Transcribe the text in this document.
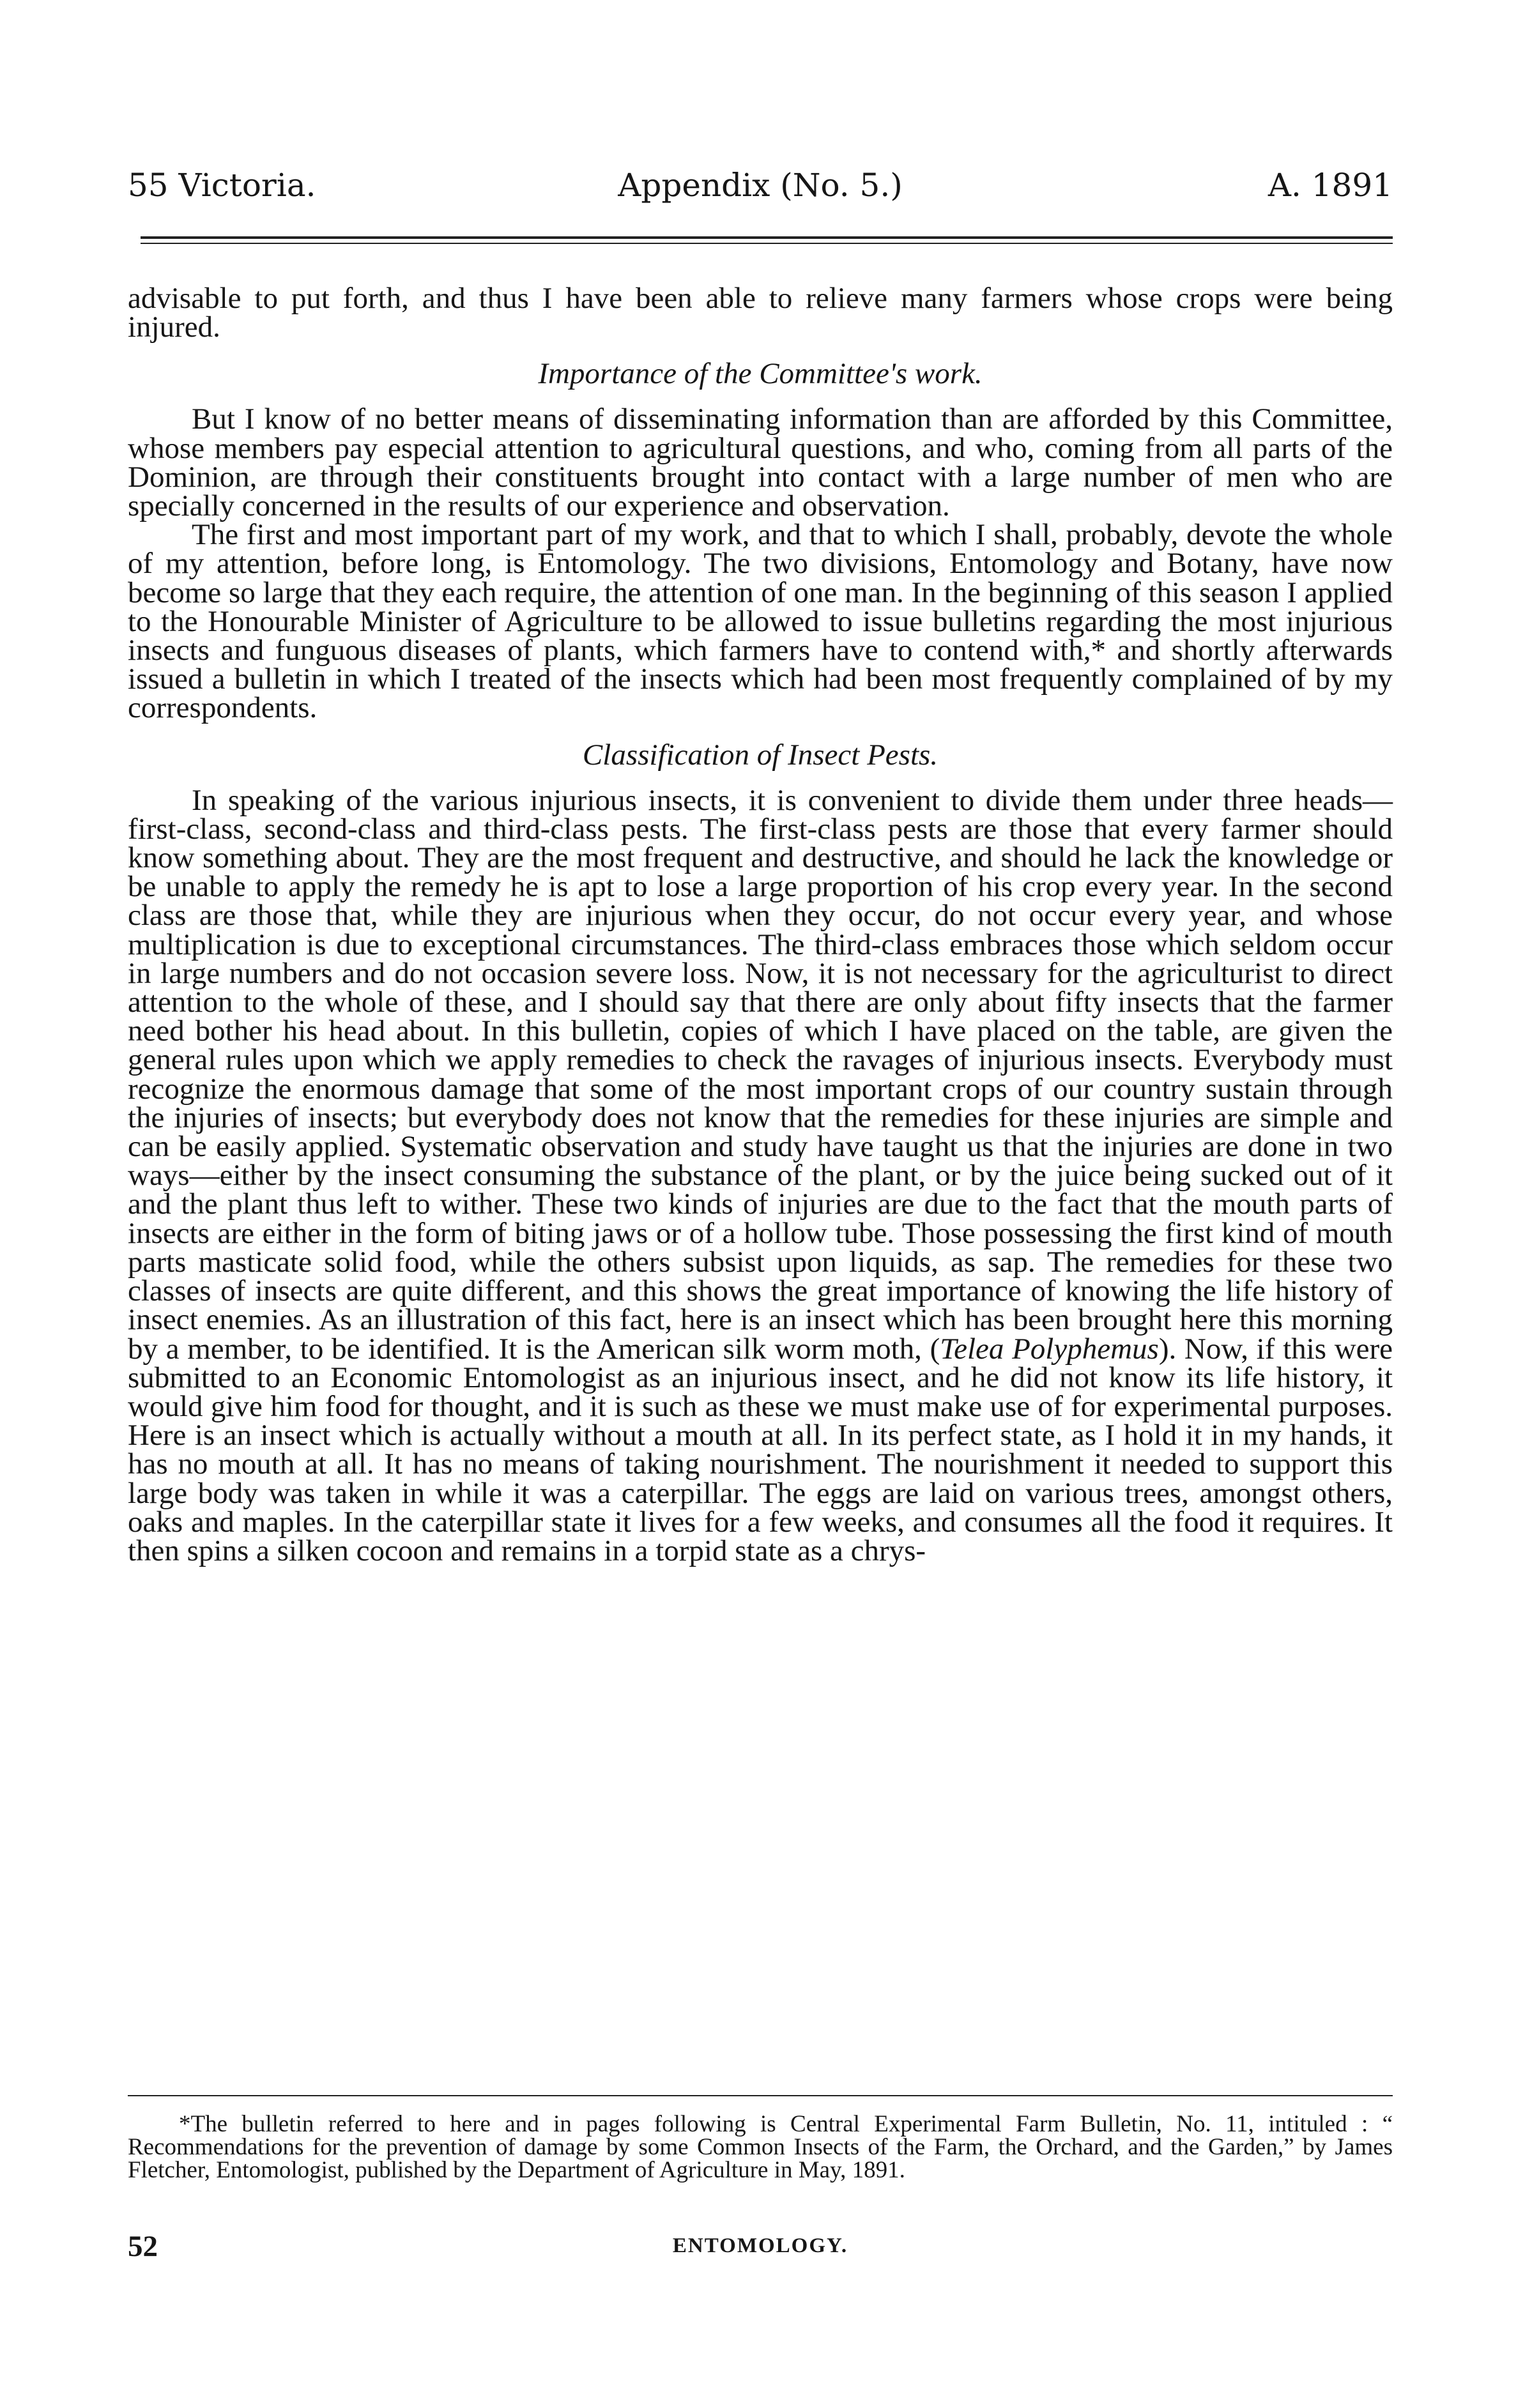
55 Victoria.	Appendix (No. 5.)	A. 1891

advisable to put forth, and thus I have been able to relieve many farmers whose crops were being injured.

Importance of the Committee's work.

But I know of no better means of disseminating information than are afforded by this Committee, whose members pay especial attention to agricultural questions, and who, coming from all parts of the Dominion, are through their constituents brought into contact with a large number of men who are specially concerned in the results of our experience and observation.

The first and most important part of my work, and that to which I shall, probably, devote the whole of my attention, before long, is Entomology. The two divisions, Entomology and Botany, have now become so large that they each require, the attention of one man. In the beginning of this season I applied to the Honourable Minister of Agriculture to be allowed to issue bulletins regarding the most injurious insects and funguous diseases of plants, which farmers have to contend with,* and shortly afterwards issued a bulletin in which I treated of the insects which had been most frequently complained of by my correspondents.

Classification of Insect Pests.

In speaking of the various injurious insects, it is convenient to divide them under three heads—first-class, second-class and third-class pests. The first-class pests are those that every farmer should know something about. They are the most frequent and destructive, and should he lack the knowledge or be unable to apply the remedy he is apt to lose a large proportion of his crop every year. In the second class are those that, while they are injurious when they occur, do not occur every year, and whose multiplication is due to exceptional circumstances. The third-class embraces those which seldom occur in large numbers and do not occasion severe loss. Now, it is not necessary for the agriculturist to direct attention to the whole of these, and I should say that there are only about fifty insects that the farmer need bother his head about. In this bulletin, copies of which I have placed on the table, are given the general rules upon which we apply remedies to check the ravages of injurious insects. Everybody must recognize the enormous damage that some of the most important crops of our country sustain through the injuries of insects; but everybody does not know that the remedies for these injuries are simple and can be easily applied. Systematic observation and study have taught us that the injuries are done in two ways—either by the insect consuming the substance of the plant, or by the juice being sucked out of it and the plant thus left to wither. These two kinds of injuries are due to the fact that the mouth parts of insects are either in the form of biting jaws or of a hollow tube. Those possessing the first kind of mouth parts masticate solid food, while the others subsist upon liquids, as sap. The remedies for these two classes of insects are quite different, and this shows the great importance of knowing the life history of insect enemies. As an illustration of this fact, here is an insect which has been brought here this morning by a member, to be identified. It is the American silk worm moth, (Telea Polyphemus). Now, if this were submitted to an Economic Entomologist as an injurious insect, and he did not know its life history, it would give him food for thought, and it is such as these we must make use of for experimental purposes. Here is an insect which is actually without a mouth at all. In its perfect state, as I hold it in my hands, it has no mouth at all. It has no means of taking nourishment. The nourishment it needed to support this large body was taken in while it was a caterpillar. The eggs are laid on various trees, amongst others, oaks and maples. In the caterpillar state it lives for a few weeks, and consumes all the food it requires. It then spins a silken cocoon and remains in a torpid state as a chrys-

*The bulletin referred to here and in pages following is Central Experimental Farm Bulletin, No. 11, intituled : “ Recommendations for the prevention of damage by some Common Insects of the Farm, the Orchard, and the Garden,” by James Fletcher, Entomologist, published by the Department of Agriculture in May, 1891.
52	ENTOMOLOGY.
